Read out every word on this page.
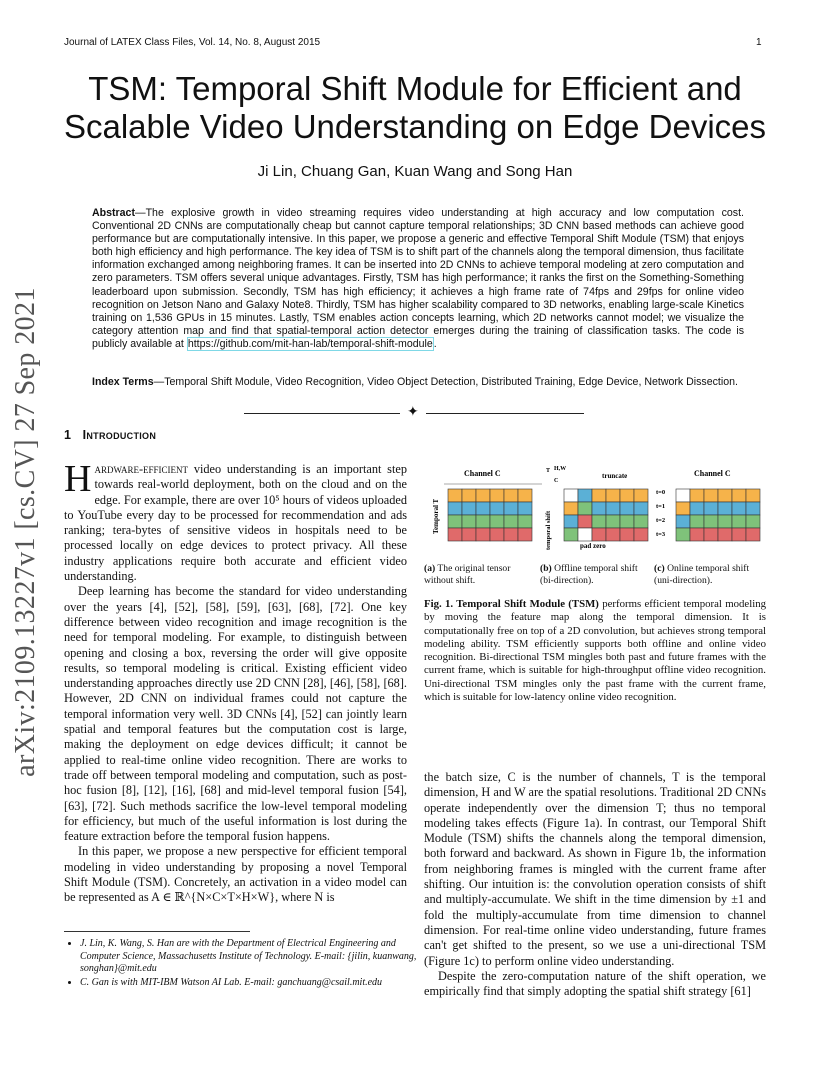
Journal of LATEX Class Files, Vol. 14, No. 8, August 2015	1
TSM: Temporal Shift Module for Efficient and
Scalable Video Understanding on Edge Devices
Ji Lin, Chuang Gan, Kuan Wang and Song Han
Abstract—The explosive growth in video streaming requires video understanding at high accuracy and low computation cost. Conventional 2D CNNs are computationally cheap but cannot capture temporal relationships; 3D CNN based methods can achieve good performance but are computationally intensive. In this paper, we propose a generic and effective Temporal Shift Module (TSM) that enjoys both high efficiency and high performance. The key idea of TSM is to shift part of the channels along the temporal dimension, thus facilitate information exchanged among neighboring frames. It can be inserted into 2D CNNs to achieve temporal modeling at zero computation and zero parameters. TSM offers several unique advantages. Firstly, TSM has high performance; it ranks the first on the Something-Something leaderboard upon submission. Secondly, TSM has high efficiency; it achieves a high frame rate of 74fps and 29fps for online video recognition on Jetson Nano and Galaxy Note8. Thirdly, TSM has higher scalability compared to 3D networks, enabling large-scale Kinetics training on 1,536 GPUs in 15 minutes. Lastly, TSM enables action concepts learning, which 2D networks cannot model; we visualize the category attention map and find that spatial-temporal action detector emerges during the training of classification tasks. The code is publicly available at https://github.com/mit-han-lab/temporal-shift-module.
Index Terms—Temporal Shift Module, Video Recognition, Video Object Detection, Distributed Training, Edge Device, Network Dissection.
✦
arXiv:2109.13227v1 [cs.CV] 27 Sep 2021	1 Introduction

Hardware-efficient video understanding is an important step towards real-world deployment, both on the cloud and on the edge. For example, there are over 10⁵ hours of videos uploaded to YouTube every day to be processed for recommendation and ads ranking; tera-bytes of sensitive videos in hospitals need to be processed locally on edge devices to protect privacy. All these industry applications require both accurate and efficient video understanding.

Deep learning has become the standard for video understanding over the years [4], [52], [58], [59], [63], [68], [72]. One key difference between video recognition and image recognition is the need for temporal modeling. For example, to distinguish between opening and closing a box, reversing the order will give opposite results, so temporal modeling is critical. Existing efficient video understanding approaches directly use 2D CNN [28], [46], [58], [68]. However, 2D CNN on individual frames could not capture the temporal information very well. 3D CNNs [4], [52] can jointly learn spatial and temporal features but the computation cost is large, making the deployment on edge devices difficult; it cannot be applied to real-time online video recognition. There are works to trade off between temporal modeling and computation, such as post-hoc fusion [8], [12], [16], [68] and mid-level temporal fusion [54], [63], [72]. Such methods sacrifice the low-level temporal modeling for efficiency, but much of the useful information is lost during the feature extraction before the temporal fusion happens.

In this paper, we propose a new perspective for efficient temporal modeling in video understanding by proposing a novel Temporal Shift Module (TSM). Concretely, an activation in a video model can be represented as A ∈ ℝ^{N×C×T×H×W}, where N is

• J. Lin, K. Wang, S. Han are with the Department of Electrical Engineering and Computer Science, Massachusetts Institute of Technology. E-mail: {jilin, kuanwang, songhan}@mit.edu
• C. Gan is with MIT-IBM Watson AI Lab. E-mail: ganchuang@csail.mit.edu
Channel C
Temporal T
T H,W
C
truncate
temporal shift	pad zero
Channel C
t=0
t=1
t=2
t=3
(a) The original tensor without shift.
(b) Offline temporal shift (bi-direction).
(c) Online temporal shift (uni-direction).
Fig. 1. Temporal Shift Module (TSM) performs efficient temporal modeling by moving the feature map along the temporal dimension. It is computationally free on top of a 2D convolution, but achieves strong temporal modeling ability. TSM efficiently supports both offline and online video recognition. Bi-directional TSM mingles both past and future frames with the current frame, which is suitable for high-throughput offline video recognition. Uni-directional TSM mingles only the past frame with the current frame, which is suitable for low-latency online video recognition.

the batch size, C is the number of channels, T is the temporal dimension, H and W are the spatial resolutions. Traditional 2D CNNs operate independently over the dimension T; thus no temporal modeling takes effects (Figure 1a). In contrast, our Temporal Shift Module (TSM) shifts the channels along the temporal dimension, both forward and backward. As shown in Figure 1b, the information from neighboring frames is mingled with the current frame after shifting. Our intuition is: the convolution operation consists of shift and multiply-accumulate. We shift in the time dimension by ±1 and fold the multiply-accumulate from time dimension to channel dimension. For real-time online video understanding, future frames can't get shifted to the present, so we use a uni-directional TSM (Figure 1c) to perform online video understanding.

Despite the zero-computation nature of the shift operation, we empirically find that simply adopting the spatial shift strategy [61]
